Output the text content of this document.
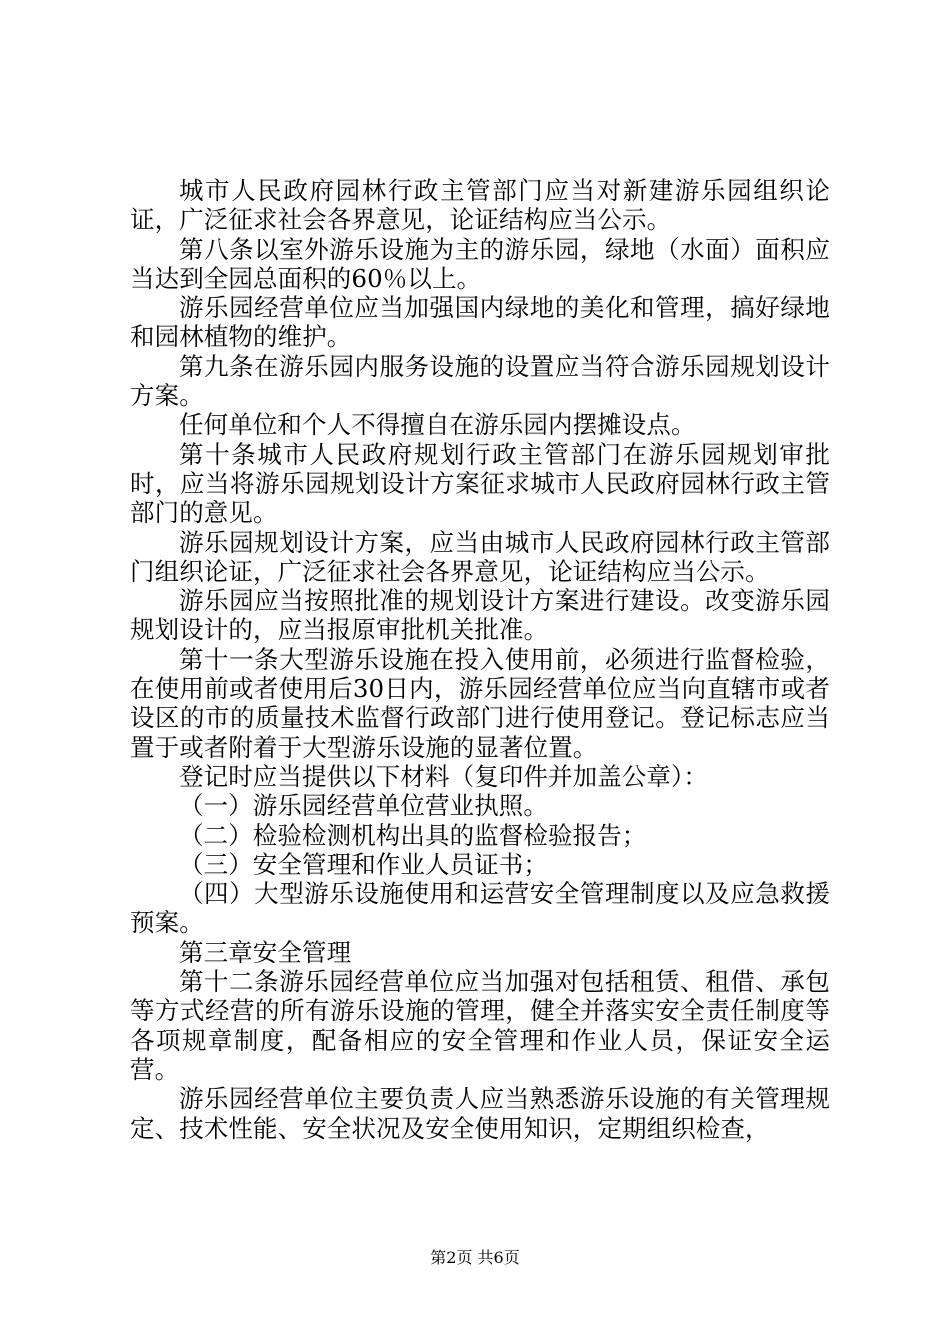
城市人民政府园林行政主管部门应当对新建游乐园组织论证，广泛征求社会各界意见，论证结构应当公示。

第八条以室外游乐设施为主的游乐园，绿地（水面）面积应当达到全园总面积的60％以上。

游乐园经营单位应当加强国内绿地的美化和管理，搞好绿地和园林植物的维护。

第九条在游乐园内服务设施的设置应当符合游乐园规划设计方案。

任何单位和个人不得擅自在游乐园内摆摊设点。

第十条城市人民政府规划行政主管部门在游乐园规划审批时，应当将游乐园规划设计方案征求城市人民政府园林行政主管部门的意见。

游乐园规划设计方案，应当由城市人民政府园林行政主管部门组织论证，广泛征求社会各界意见，论证结构应当公示。

游乐园应当按照批准的规划设计方案进行建设。改变游乐园规划设计的，应当报原审批机关批准。

第十一条大型游乐设施在投入使用前，必须进行监督检验，在使用前或者使用后30日内，游乐园经营单位应当向直辖市或者设区的市的质量技术监督行政部门进行使用登记。登记标志应当置于或者附着于大型游乐设施的显著位置。

登记时应当提供以下材料（复印件并加盖公章）：

（一）游乐园经营单位营业执照。

（二）检验检测机构出具的监督检验报告；

（三）安全管理和作业人员证书；

（四）大型游乐设施使用和运营安全管理制度以及应急救援预案。

第三章安全管理

第十二条游乐园经营单位应当加强对包括租赁、租借、承包等方式经营的所有游乐设施的管理，健全并落实安全责任制度等各项规章制度，配备相应的安全管理和作业人员，保证安全运营。

游乐园经营单位主要负责人应当熟悉游乐设施的有关管理规定、技术性能、安全状况及安全使用知识，定期组织检查，

第2页 共6页
